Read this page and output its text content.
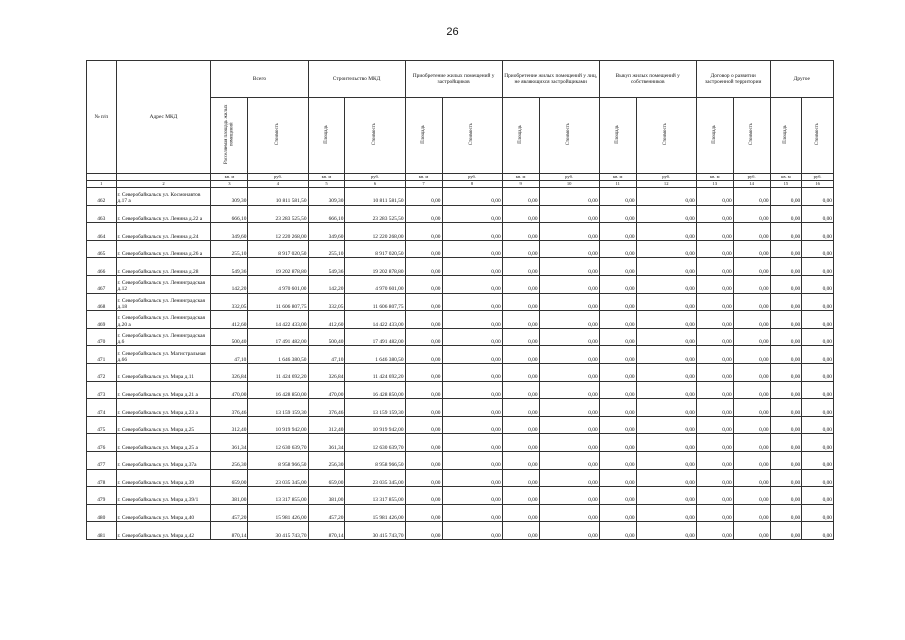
26
№ п/п	Адрес МКД	Всего		Строительство МКД		Приобретение жилых помещений у застройщиков		Приобретение жилых помещений у лиц, не являющихся застройщиками		Выкуп жилых помещений у собственников		Договор о развитии застроенной территории		Другое	
		Расселяемая площадь жилых помещений	Стоимость	Площадь	Стоимость	Площадь	Стоимость	Площадь	Стоимость	Площадь	Стоимость	Площадь	Стоимость	Площадь	Стоимость
		кв. м	руб.	кв. м	руб.	кв. м	руб.	кв. м	руб.	кв. м	руб.	кв. м	руб.	кв. м	руб.
1	2	3	4	5	6	7	8	9	10	11	12	13	14	15	16
462	г. Северобайкальск ул. Космонавтов д.17 а	309,30	10 811 581,50	309,30	10 811 581,50	0,00	0,00	0,00	0,00	0,00	0,00	0,00	0,00	0,00	0,00
463	г. Северобайкальск ул. Ленина д.22 а	666,10	23 283 525,50	666,10	23 283 525,50	0,00	0,00	0,00	0,00	0,00	0,00	0,00	0,00	0,00	0,00
464	г. Северобайкальск ул. Ленина д.24	349,60	12 220 268,00	349,60	12 220 268,00	0,00	0,00	0,00	0,00	0,00	0,00	0,00	0,00	0,00	0,00
465	г. Северобайкальск ул. Ленина д.26 а	255,10	8 917 020,50	255,10	8 917 020,50	0,00	0,00	0,00	0,00	0,00	0,00	0,00	0,00	0,00	0,00
466	г. Северобайкальск ул. Ленина д.28	549,36	19 202 878,80	549,36	19 202 878,80	0,00	0,00	0,00	0,00	0,00	0,00	0,00	0,00	0,00	0,00
467	г. Северобайкальск ул. Ленинградская д.12	142,20	4 970 601,00	142,20	4 970 601,00	0,00	0,00	0,00	0,00	0,00	0,00	0,00	0,00	0,00	0,00
468	г. Северобайкальск ул. Ленинградская д.18	332,05	11 606 807,75	332,05	11 606 807,75	0,00	0,00	0,00	0,00	0,00	0,00	0,00	0,00	0,00	0,00
469	г. Северобайкальск ул. Ленинградская д.20 а	412,60	14 422 433,00	412,60	14 422 433,00	0,00	0,00	0,00	0,00	0,00	0,00	0,00	0,00	0,00	0,00
470	г. Северобайкальск ул. Ленинградская д.6	500,40	17 491 482,00	500,40	17 491 482,00	0,00	0,00	0,00	0,00	0,00	0,00	0,00	0,00	0,00	0,00
471	г. Северобайкальск ул. Магистральная д.66	47,10	1 646 380,50	47,10	1 646 380,50	0,00	0,00	0,00	0,00	0,00	0,00	0,00	0,00	0,00	0,00
472	г. Северобайкальск ул. Мира д.11	326,84	11 424 692,20	326,84	11 424 692,20	0,00	0,00	0,00	0,00	0,00	0,00	0,00	0,00	0,00	0,00
473	г. Северобайкальск ул. Мира д.21 а	470,00	16 428 850,00	470,00	16 428 850,00	0,00	0,00	0,00	0,00	0,00	0,00	0,00	0,00	0,00	0,00
474	г. Северобайкальск ул. Мира д.23 а	376,46	13 159 159,30	376,46	13 159 159,30	0,00	0,00	0,00	0,00	0,00	0,00	0,00	0,00	0,00	0,00
475	г. Северобайкальск ул. Мира д.25	312,40	10 919 942,00	312,40	10 919 942,00	0,00	0,00	0,00	0,00	0,00	0,00	0,00	0,00	0,00	0,00
476	г. Северобайкальск ул. Мира д.25 а	361,34	12 630 639,70	361,34	12 630 639,70	0,00	0,00	0,00	0,00	0,00	0,00	0,00	0,00	0,00	0,00
477	г. Северобайкальск ул. Мира д.37а	256,30	8 958 966,50	256,30	8 958 966,50	0,00	0,00	0,00	0,00	0,00	0,00	0,00	0,00	0,00	0,00
478	г. Северобайкальск ул. Мира д.39	659,00	23 035 345,00	659,00	23 035 345,00	0,00	0,00	0,00	0,00	0,00	0,00	0,00	0,00	0,00	0,00
479	г. Северобайкальск ул. Мира д.39/1	381,00	13 317 855,00	381,00	13 317 855,00	0,00	0,00	0,00	0,00	0,00	0,00	0,00	0,00	0,00	0,00
480	г. Северобайкальск ул. Мира д.40	457,20	15 981 426,00	457,20	15 981 426,00	0,00	0,00	0,00	0,00	0,00	0,00	0,00	0,00	0,00	0,00
481	г. Северобайкальск ул. Мира д.42	870,14	30 415 743,70	870,14	30 415 743,70	0,00	0,00	0,00	0,00	0,00	0,00	0,00	0,00	0,00	0,00
